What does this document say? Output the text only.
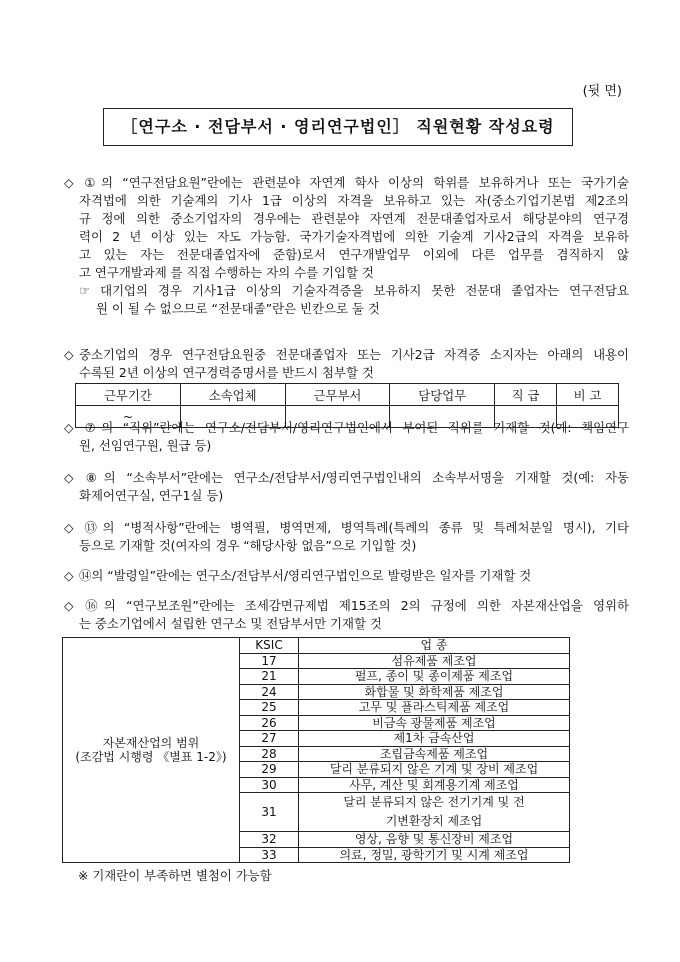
(뒷 면)
［연구소 · 전담부서 · 영리연구법인］ 직원현황 작성요령
◇ ①의 “연구전담요원”란에는 관련분야 자연계 학사 이상의 학위를 보유하거나 또는 국가기술
자격법에 의한 기술계의 기사 1급 이상의 자격을 보유하고 있는 자(중소기업기본법 제2조의
규 정에 의한 중소기업자의 경우에는 관련분야 자연계 전문대졸업자로서 해당분야의 연구경
력이 2 년 이상 있는 자도 가능함. 국가기술자격법에 의한 기술계 기사2급의 자격을 보유하
고 있는 자는 전문대졸업자에 준함)로서 연구개발업무 이외에 다른 업무를 겸직하지 않
고 연구개발과제 를 직접 수행하는 자의 수를 기입할 것
☞ 대기업의 경우 기사1급 이상의 기술자격증을 보유하지 못한 전문대 졸업자는 연구전담요
원 이 될 수 없으므로 “전문대졸”란은 빈칸으로 둘 것
◇ 중소기업의 경우 연구전담요원중 전문대졸업자 또는 기사2급 자격증 소지자는 아래의 내용이
수록된 2년 이상의 연구경력증명서를 반드시 첨부할 것
◇ ⑦의 “직위”란에는 연구소/전담부서/영리연구법인에서 부여된 직위를 기재할 것(예: 책임연구
원, 선임연구원, 원급 등)
◇ ⑧의 “소속부서”란에는 연구소/전담부서/영리연구법인내의 소속부서명을 기재할 것(예: 자동
화제어연구실, 연구1실 등)
◇ ⑬의 “병적사항”란에는 병역필, 병역면제, 병역특례(특례의 종류 및 특례처분일 명시), 기타
등으로 기재할 것(여자의 경우 “해당사항 없음”으로 기입할 것)
◇ ⑭의 “발령일”란에는 연구소/전담부서/영리연구법인으로 발령받은 일자를 기재할 것
◇ ⑯의 “연구보조원”란에는 조세감면규제법 제15조의 2의 규정에 의한 자본재산업을 영위하
는 중소기업에서 설립한 연구소 및 전담부서만 기재할 것
근무기간	소속업체	근무부서	담당업무	직 급	비 고
~					
자본재산업의 범위
(조감법 시행령 《별표 1-2》)	KSIC	업 종
	17	섬유제품 제조업
	21	펄프, 종이 및 종이제품 제조업
	24	화합물 및 화학제품 제조업
	25	고무 및 플라스틱제품 제조업
	26	비금속 광물제품 제조업
	27	제1차 금속산업
	28	조립금속제품 제조업
	29	달리 분류되지 않은 기계 및 장비 제조업
	30	사무, 계산 및 회계용기계 제조업
	31	달리 분류되지 않은 전기기계 및 전기변환장치 제조업
	32	영상, 음향 및 통신장비 제조업
	33	의료, 정밀, 광학기기 및 시계 제조업
※ 기재란이 부족하면 별첨이 가능함
